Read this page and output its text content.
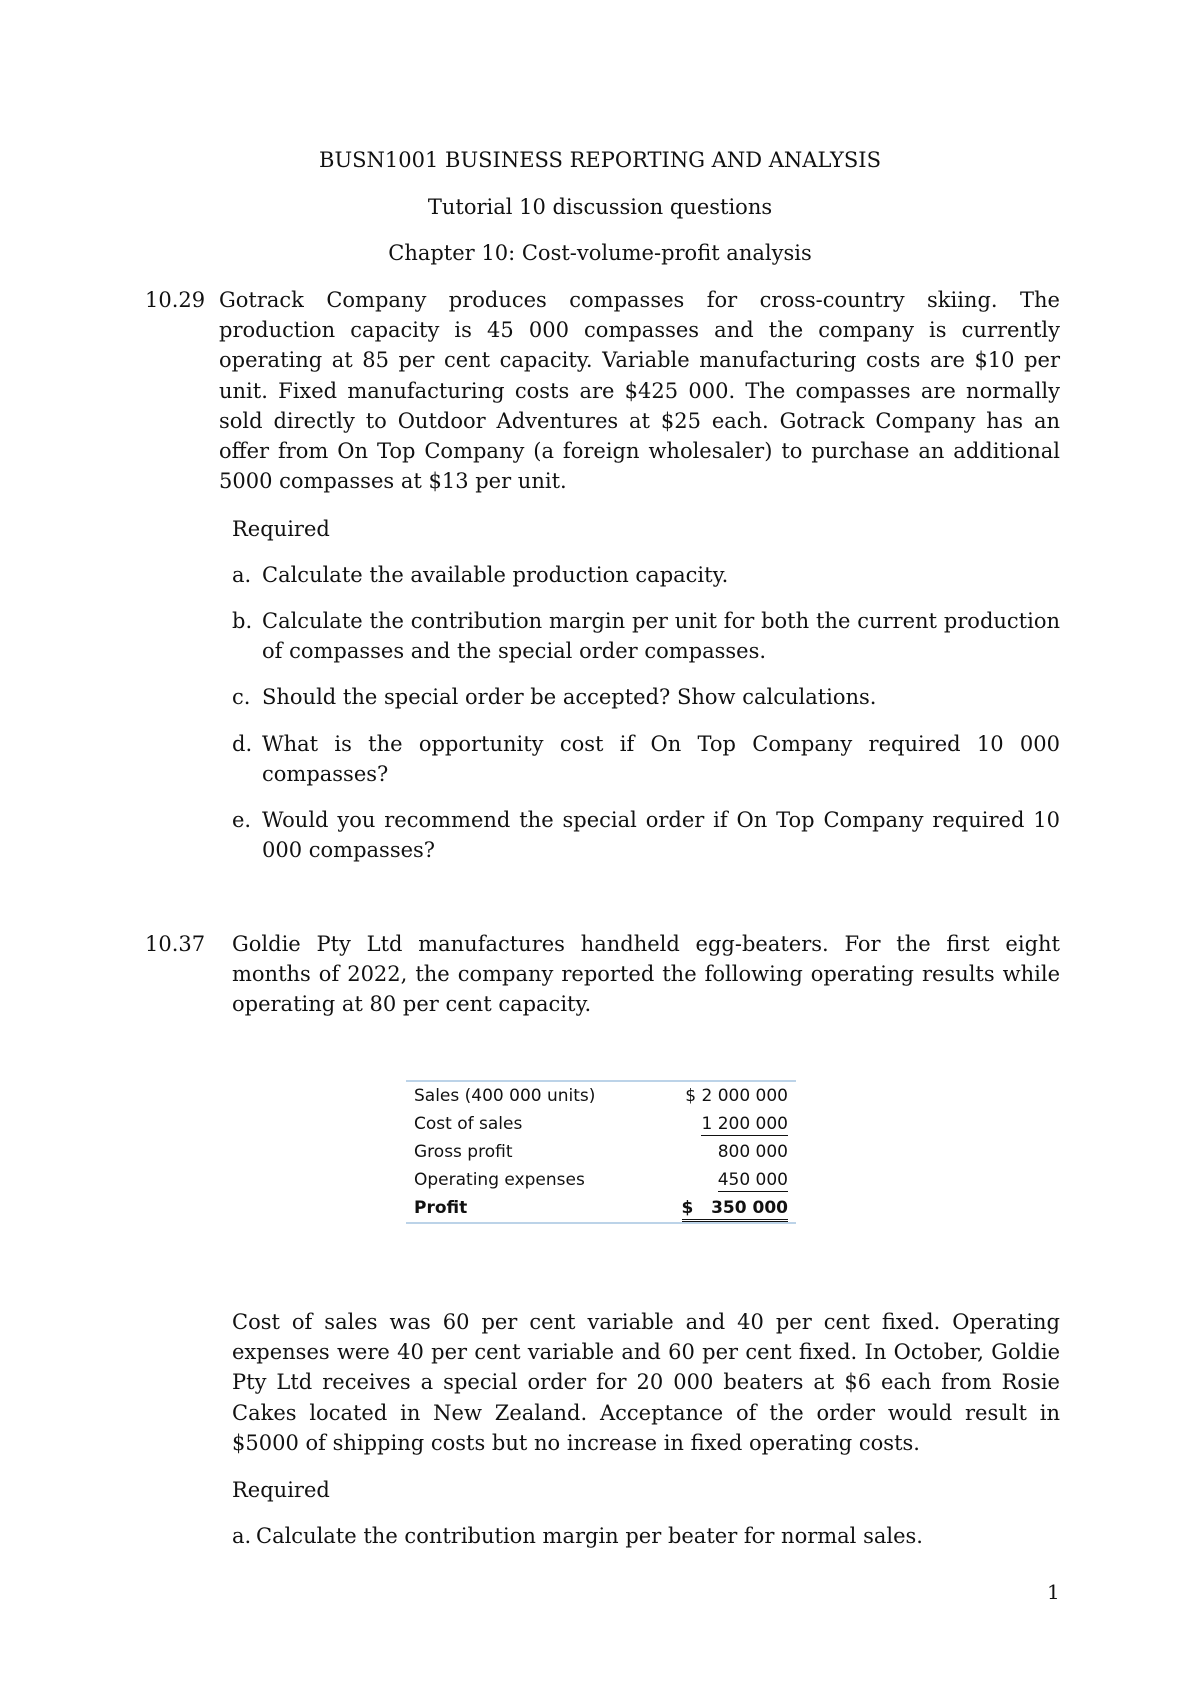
BUSN1001 BUSINESS REPORTING AND ANALYSIS
Tutorial 10 discussion questions
Chapter 10: Cost-volume-profit analysis
10.29 Gotrack Company produces compasses for cross-country skiing. The production capacity is 45 000 compasses and the company is currently operating at 85 per cent capacity. Variable manufacturing costs are $10 per unit. Fixed manufacturing costs are $425 000. The compasses are normally sold directly to Outdoor Adventures at $25 each. Gotrack Company has an offer from On Top Company (a foreign wholesaler) to purchase an additional 5000 compasses at $13 per unit.

Required
a. Calculate the available production capacity.
b. Calculate the contribution margin per unit for both the current production of compasses and the special order compasses.
c. Should the special order be accepted? Show calculations.
d. What is the opportunity cost if On Top Company required 10 000 compasses?
e. Would you recommend the special order if On Top Company required 10 000 compasses?
10.37 Goldie Pty Ltd manufactures handheld egg-beaters. For the first eight months of 2022, the company reported the following operating results while operating at 80 per cent capacity.

Sales (400 000 units)	$ 2 000 000
Cost of sales	1 200 000
Gross profit	800 000
Operating expenses	450 000
Profit	$   350 000

Cost of sales was 60 per cent variable and 40 per cent fixed. Operating expenses were 40 per cent variable and 60 per cent fixed. In October, Goldie Pty Ltd receives a special order for 20 000 beaters at $6 each from Rosie Cakes located in New Zealand. Acceptance of the order would result in $5000 of shipping costs but no increase in fixed operating costs.

Required
a. Calculate the contribution margin per beater for normal sales.
1
